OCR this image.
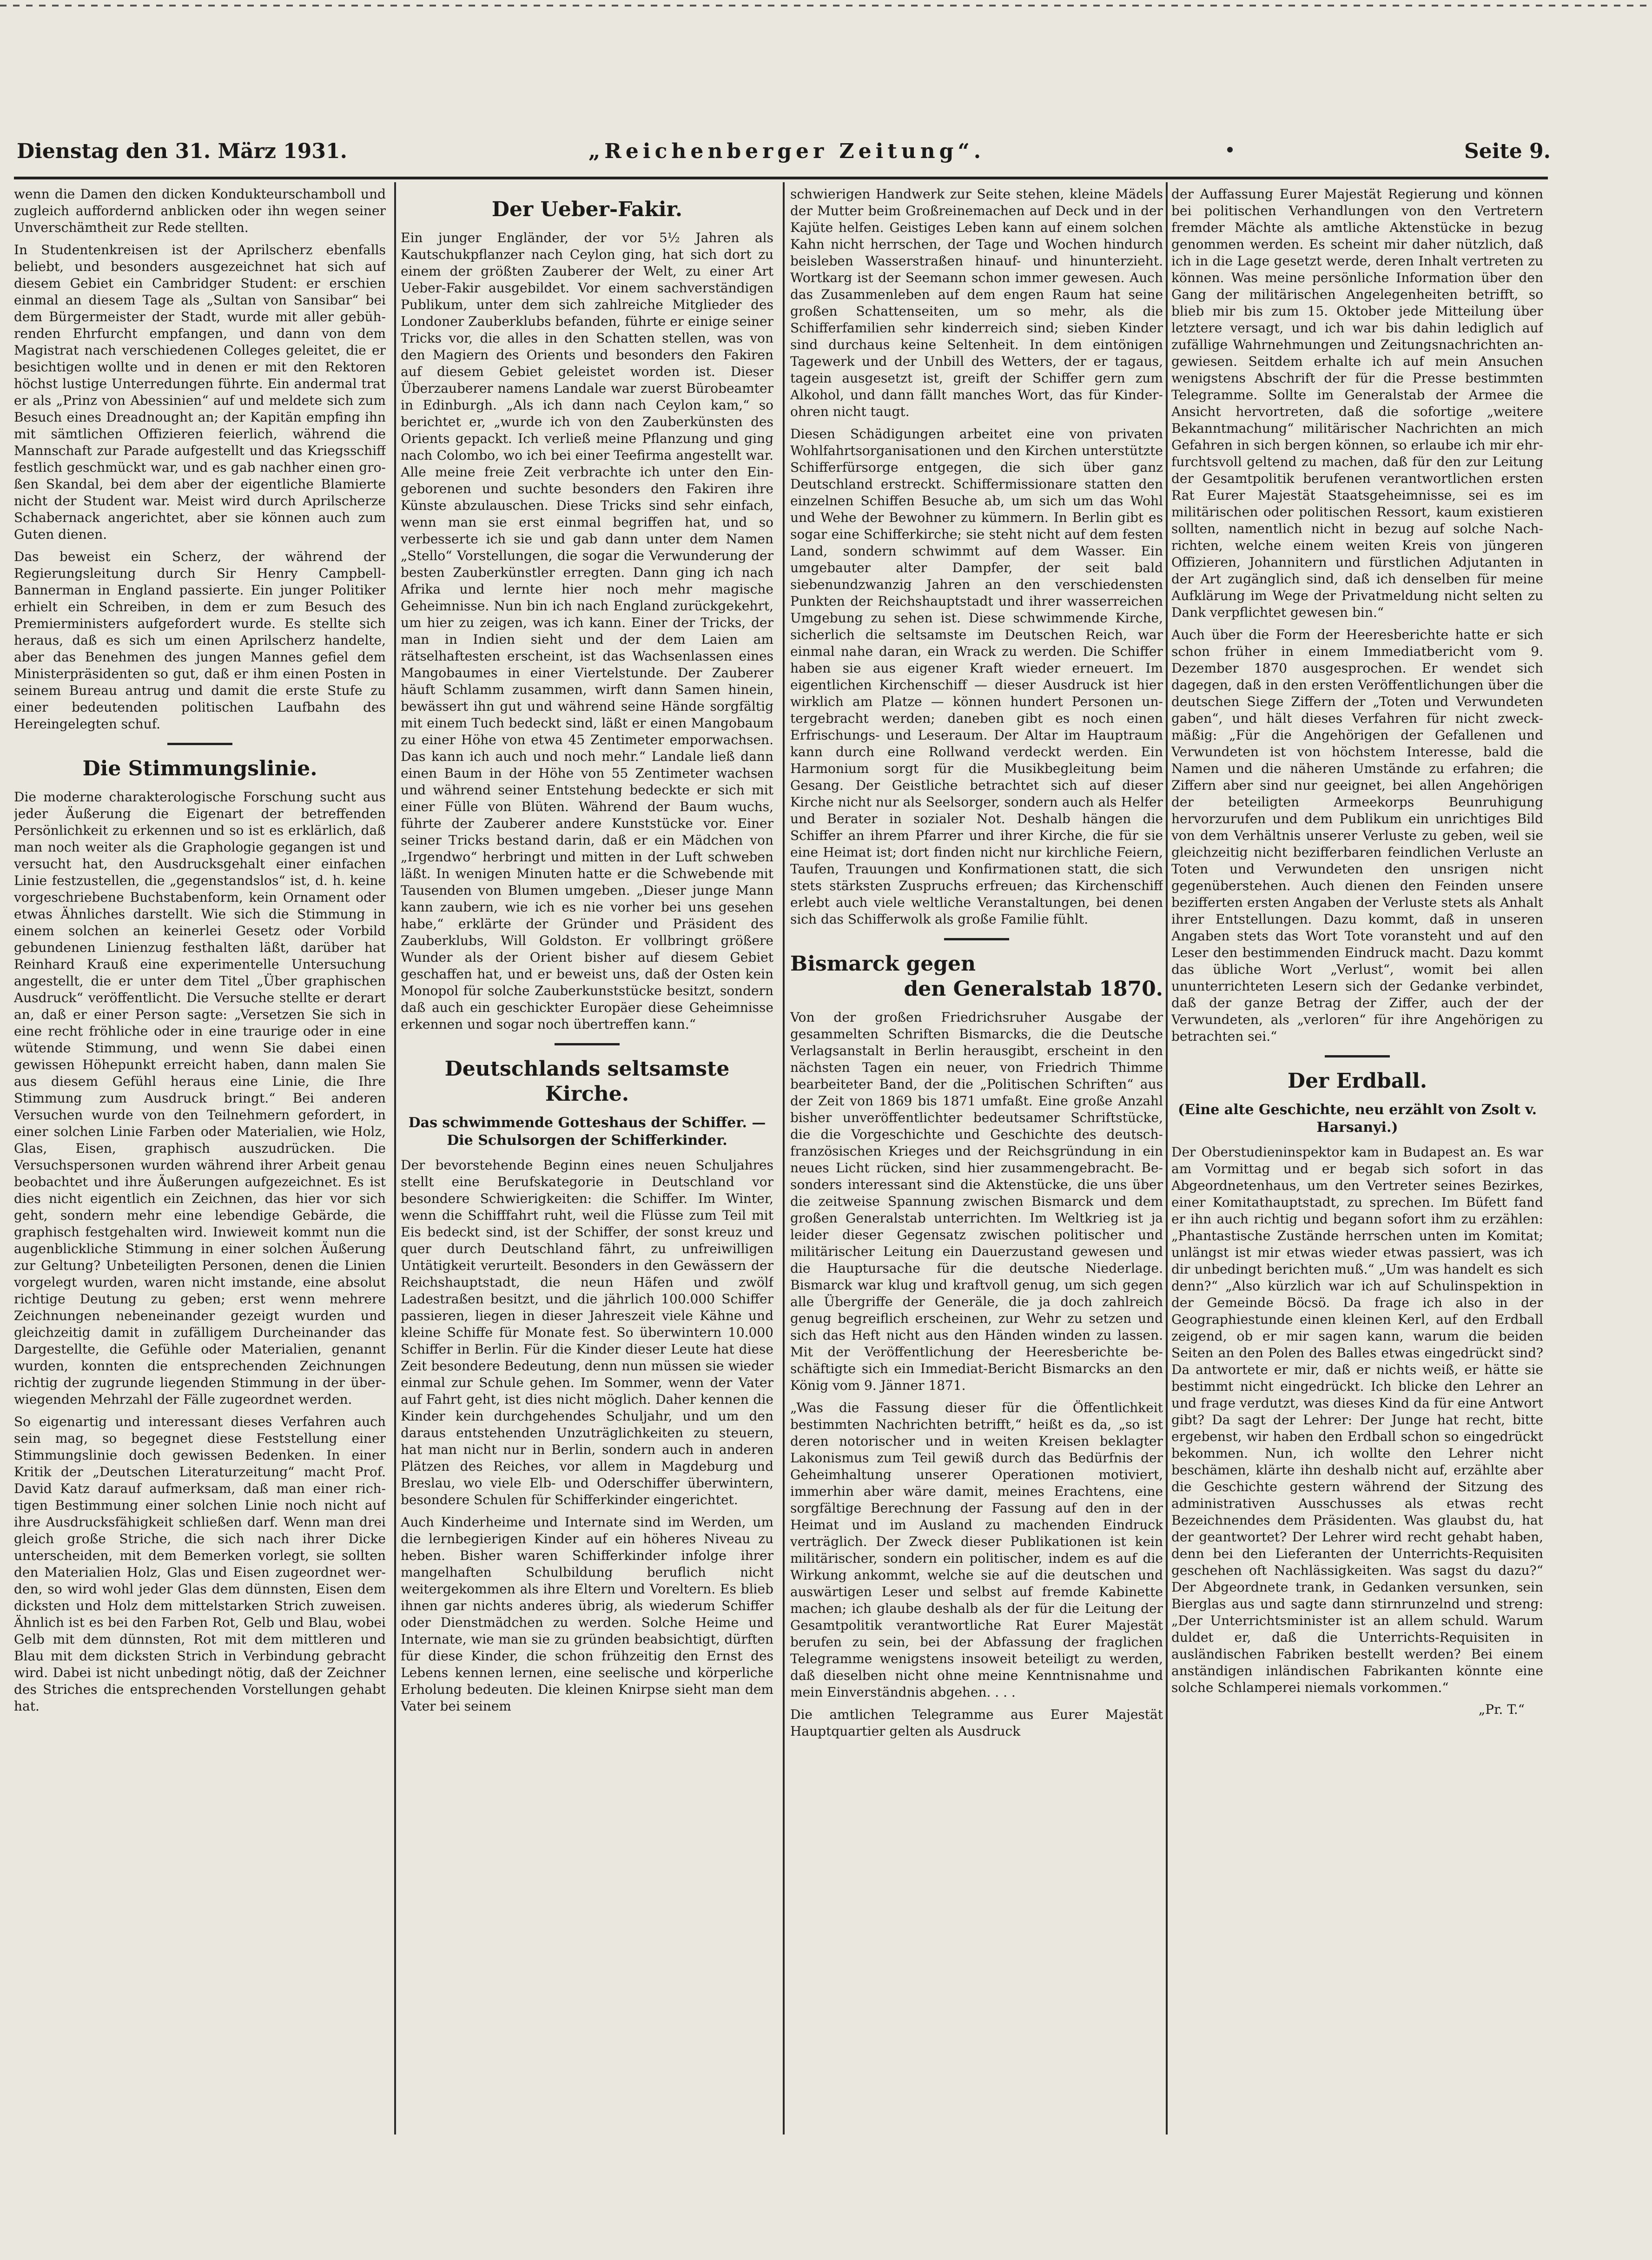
Dienstag den 31. März 1931.	„Reichenberger Zeitung“.	Seite 9.

wenn die Damen den dicken Kondukteurschamboll und zugleich auffordernd anblicken oder ihn wegen seiner Unverschämtheit zur Rede stellten.

In Studentenkreisen ist der Aprilscherz ebenfalls beliebt, und besonders ausgezeichnet hat sich auf diesem Gebiet ein Cambridger Student: er erschien einmal an diesem Tage als „Sultan von Sansibar“ bei dem Bürgermeister der Stadt, wurde mit aller gebührenden Ehrfurcht empfangen, und dann von dem Magistrat nach verschiedenen Colleges geleitet, die er besichtigen wollte und in denen er mit den Rektoren höchst lustige Unterredungen führte. Ein andermal trat er als „Prinz von Abessinien“ auf und meldete sich zum Besuch eines Dreadnought an; der Kapitän empfing ihn mit sämtlichen Offizieren feierlich, während die Mannschaft zur Parade aufgestellt und das Kriegsschiff festlich geschmückt war, und es gab nachher einen großen Skandal, bei dem aber der eigentliche Blamierte nicht der Student war. Meist wird durch Aprilscherze Schabernack angerichtet, aber sie können auch zum Guten dienen.

Das beweist ein Scherz, der während der Regierungsleitung durch Sir Henry Campbell-Bannerman in England passierte. Ein junger Politiker erhielt ein Schreiben, in dem er zum Besuch des Premierministers aufgefordert wurde. Es stellte sich heraus, daß es sich um einen Aprilscherz handelte, aber das Benehmen des jungen Mannes gefiel dem Ministerpräsidenten so gut, daß er ihm einen Posten in seinem Bureau antrug und damit die erste Stufe zu einer bedeutenden politischen Laufbahn des Hereingelegten schuf.

Die Stimmungslinie.

Die moderne charakterologische Forschung sucht aus jeder Äußerung die Eigenart der betreffenden Persönlichkeit zu erkennen und so ist es erklärlich, daß man noch weiter als die Graphologie gegangen ist und versucht hat, den Ausdrucksgehalt einer einfachen Linie festzustellen, die „gegenstandslos“ ist, d. h. keine vorgeschriebene Buchstabenform, kein Ornament oder etwas Ähnliches darstellt. Wie sich die Stimmung in einem solchen an keinerlei Gesetz oder Vorbild gebundenen Linienzug festhalten läßt, darüber hat Reinhard Krauß eine experimentelle Untersuchung angestellt, die er unter dem Titel „Über graphischen Ausdruck“ veröffentlicht. Die Versuche stellte er derart an, daß er einer Person sagte: „Versetzen Sie sich in eine recht fröhliche oder in eine traurige oder in eine wütende Stimmung, und wenn Sie dabei einen gewissen Höhepunkt erreicht haben, dann malen Sie aus diesem Gefühl heraus eine Linie, die Ihre Stimmung zum Ausdruck bringt.“ Bei anderen Versuchen wurde von den Teilnehmern gefordert, in einer solchen Linie Farben oder Materialien, wie Holz, Glas, Eisen, graphisch auszudrücken. Die Versuchspersonen wurden während ihrer Arbeit genau beobachtet und ihre Äußerungen aufgezeichnet. Es ist dies nicht eigentlich ein Zeichnen, das hier vor sich geht, sondern mehr eine lebendige Gebärde, die graphisch festgehalten wird. Inwieweit kommt nun die augenblickliche Stimmung in einer solchen Äußerung zur Geltung? Unbeteiligten Personen, denen die Linien vorgelegt wurden, waren nicht imstande, eine absolut richtige Deutung zu geben; erst wenn mehrere Zeichnungen nebeneinander gezeigt wurden und gleichzeitig damit in zufälligem Durcheinander das Dargestellte, die Gefühle oder Materialien, genannt wurden, konnten die entsprechenden Zeichnungen richtig der zugrunde liegenden Stimmung in der überwiegenden Mehrzahl der Fälle zugeordnet werden.

So eigenartig und interessant dieses Verfahren auch sein mag, so begegnet diese Feststellung einer Stimmungslinie doch gewissen Bedenken. In einer Kritik der „Deutschen Literaturzeitung“ macht Prof. David Katz darauf aufmerksam, daß man einer richtigen Bestimmung einer solchen Linie noch nicht auf ihre Ausdrucksfähigkeit schließen darf. Wenn man drei gleich große Striche, die sich nach ihrer Dicke unterscheiden, mit dem Bemerken vorlegt, sie sollten den Materialien Holz, Glas und Eisen zugeordnet werden, so wird wohl jeder Glas dem dünnsten, Eisen dem dicksten und Holz dem mittelstarken Strich zuweisen. Ähnlich ist es bei den Farben Rot, Gelb und Blau, wobei Gelb mit dem dünnsten, Rot mit dem mittleren und Blau mit dem dicksten Strich in Verbindung gebracht wird. Dabei ist nicht unbedingt nötig, daß der Zeichner des Striches die entsprechenden Vorstellungen gehabt hat.

Der Ueber-Fakir.

Ein junger Engländer, der vor 5½ Jahren als Kautschukpflanzer nach Ceylon ging, hat sich dort zu einem der größten Zauberer der Welt, zu einer Art Ueber-Fakir ausgebildet. Vor einem sachverständigen Publikum, unter dem sich zahlreiche Mitglieder des Londoner Zauberklubs befanden, führte er einige seiner Tricks vor, die alles in den Schatten stellen, was von den Magiern des Orients und besonders den Fakiren auf diesem Gebiet geleistet worden ist. Dieser Überzauberer namens Landale war zuerst Bürobeamter in Edinburgh. „Als ich dann nach Ceylon kam,“ so berichtet er, „wurde ich von den Zauberkünsten des Orients gepackt. Ich verließ meine Pflanzung und ging nach Colombo, wo ich bei einer Teefirma angestellt war. Alle meine freie Zeit verbrachte ich unter den Eingeborenen und suchte besonders den Fakiren ihre Künste abzulauschen. Diese Tricks sind sehr einfach, wenn man sie erst einmal begriffen hat, und so verbesserte ich sie und gab dann unter dem Namen „Stello“ Vorstellungen, die sogar die Verwunderung der besten Zauberkünstler erregten. Dann ging ich nach Afrika und lernte hier noch mehr magische Geheimnisse. Nun bin ich nach England zurückgekehrt, um hier zu zeigen, was ich kann. Einer der Tricks, der man in Indien sieht und der dem Laien am rätselhaftesten erscheint, ist das Wachsenlassen eines Mangobaumes in einer Viertelstunde. Der Zauberer häuft Schlamm zusammen, wirft dann Samen hinein, bewässert ihn gut und während seine Hände sorgfältig mit einem Tuch bedeckt sind, läßt er einen Mangobaum zu einer Höhe von etwa 45 Zentimeter emporwachsen. Das kann ich auch und noch mehr.“ Landale ließ dann einen Baum in der Höhe von 55 Zentimeter wachsen und während seiner Entstehung bedeckte er sich mit einer Fülle von Blüten. Während der Baum wuchs, führte der Zauberer andere Kunststücke vor. Einer seiner Tricks bestand darin, daß er ein Mädchen von „Irgendwo“ herbringt und mitten in der Luft schweben läßt. In wenigen Minuten hatte er die Schwebende mit Tausenden von Blumen umgeben. „Dieser junge Mann kann zaubern, wie ich es nie vorher bei uns gesehen habe,“ erklärte der Gründer und Präsident des Zauberklubs, Will Goldston. Er vollbringt größere Wunder als der Orient bisher auf diesem Gebiet geschaffen hat, und er beweist uns, daß der Osten kein Monopol für solche Zauberkunststücke besitzt, sondern daß auch ein geschickter Europäer diese Geheimnisse erkennen und sogar noch übertreffen kann.“

Deutschlands seltsamste Kirche.
Das schwimmende Gotteshaus der Schiffer. — Die Schulsorgen der Schifferkinder.

Der bevorstehende Beginn eines neuen Schuljahres stellt eine Berufskategorie in Deutschland vor besondere Schwierigkeiten: die Schiffer. Im Winter, wenn die Schifffahrt ruht, weil die Flüsse zum Teil mit Eis bedeckt sind, ist der Schiffer, der sonst kreuz und quer durch Deutschland fährt, zu unfreiwilligen Untätigkeit verurteilt. Besonders in den Gewässern der Reichshauptstadt, die neun Häfen und zwölf Ladestraßen besitzt, und die jährlich 100.000 Schiffer passieren, liegen in dieser Jahreszeit viele Kähne und kleine Schiffe für Monate fest. So überwintern 10.000 Schiffer in Berlin. Für die Kinder dieser Leute hat diese Zeit besondere Bedeutung, denn nun müssen sie wieder einmal zur Schule gehen. Im Sommer, wenn der Vater auf Fahrt geht, ist dies nicht möglich. Daher kennen die Kinder kein durchgehendes Schuljahr, und um den daraus entstehenden Unzuträglichkeiten zu steuern, hat man nicht nur in Berlin, sondern auch in anderen Plätzen des Reiches, vor allem in Magdeburg und Breslau, wo viele Elb- und Oderschiffer überwintern, besondere Schulen für Schifferkinder eingerichtet.

Auch Kinderheime und Internate sind im Werden, um die lernbegierigen Kinder auf ein höheres Niveau zu heben. Bisher waren Schifferkinder infolge ihrer mangelhaften Schulbildung beruflich nicht weitergekommen als ihre Eltern und Voreltern. Es blieb ihnen gar nichts anderes übrig, als wiederum Schiffer oder Dienstmädchen zu werden. Solche Heime und Internate, wie man sie zu gründen beabsichtigt, dürften für diese Kinder, die schon frühzeitig den Ernst des Lebens kennen lernen, eine seelische und körperliche Erholung bedeuten. Die kleinen Knirpse sieht man dem Vater bei seinem

schwierigen Handwerk zur Seite stehen, kleine Mädels der Mutter beim Großreinemachen auf Deck und in der Kajüte helfen. Geistiges Leben kann auf einem solchen Kahn nicht herrschen, der Tage und Wochen hindurch beisleben Wasserstraßen hinauf- und hinunterzieht. Wortkarg ist der Seemann schon immer gewesen. Auch das Zusammenleben auf dem engen Raum hat seine großen Schattenseiten, um so mehr, als die Schifferfamilien sehr kinderreich sind; sieben Kinder sind durchaus keine Seltenheit. In dem eintönigen Tagewerk und der Unbill des Wetters, der er tagaus, tagein ausgesetzt ist, greift der Schiffer gern zum Alkohol, und dann fällt manches Wort, das für Kinderohren nicht taugt.

Diesen Schädigungen arbeitet eine von privaten Wohlfahrtsorganisationen und den Kirchen unterstützte Schifferfürsorge entgegen, die sich über ganz Deutschland erstreckt. Schiffermissionare statten den einzelnen Schiffen Besuche ab, um sich um das Wohl und Wehe der Bewohner zu kümmern. In Berlin gibt es sogar eine Schifferkirche; sie steht nicht auf dem festen Land, sondern schwimmt auf dem Wasser. Ein umgebauter alter Dampfer, der seit bald siebenundzwanzig Jahren an den verschiedensten Punkten der Reichshauptstadt und ihrer wasserreichen Umgebung zu sehen ist. Diese schwimmende Kirche, sicherlich die seltsamste im Deutschen Reich, war einmal nahe daran, ein Wrack zu werden. Die Schiffer haben sie aus eigener Kraft wieder erneuert. Im eigentlichen Kirchenschiff — dieser Ausdruck ist hier wirklich am Platze — können hundert Personen untergebracht werden; daneben gibt es noch einen Erfrischungs- und Leseraum. Der Altar im Hauptraum kann durch eine Rollwand verdeckt werden. Ein Harmonium sorgt für die Musikbegleitung beim Gesang. Der Geistliche betrachtet sich auf dieser Kirche nicht nur als Seelsorger, sondern auch als Helfer und Berater in sozialer Not. Deshalb hängen die Schiffer an ihrem Pfarrer und ihrer Kirche, die für sie eine Heimat ist; dort finden nicht nur kirchliche Feiern, Taufen, Trauungen und Konfirmationen statt, die sich stets stärksten Zuspruchs erfreuen; das Kirchenschiff erlebt auch viele weltliche Veranstaltungen, bei denen sich das Schifferwolk als große Familie fühlt.

Bismarck gegen
den Generalstab 1870.

Von der großen Friedrichsruher Ausgabe der gesammelten Schriften Bismarcks, die die Deutsche Verlagsanstalt in Berlin herausgibt, erscheint in den nächsten Tagen ein neuer, von Friedrich Thimme bearbeiteter Band, der die „Politischen Schriften“ aus der Zeit von 1869 bis 1871 umfaßt. Eine große Anzahl bisher unveröffentlichter bedeutsamer Schriftstücke, die die Vorgeschichte und Geschichte des deutsch-französischen Krieges und der Reichsgründung in ein neues Licht rücken, sind hier zusammengebracht. Besonders interessant sind die Aktenstücke, die uns über die zeitweise Spannung zwischen Bismarck und dem großen Generalstab unterrichten. Im Weltkrieg ist ja leider dieser Gegensatz zwischen politischer und militärischer Leitung ein Dauerzustand gewesen und die Hauptursache für die deutsche Niederlage. Bismarck war klug und kraftvoll genug, um sich gegen alle Übergriffe der Generäle, die ja doch zahlreich genug begreiflich erscheinen, zur Wehr zu setzen und sich das Heft nicht aus den Händen winden zu lassen. Mit der Veröffentlichung der Heeresberichte beschäftigte sich ein Immediat-Bericht Bismarcks an den König vom 9. Jänner 1871.

„Was die Fassung dieser für die Öffentlichkeit bestimmten Nachrichten betrifft,“ heißt es da, „so ist deren notorischer und in weiten Kreisen beklagter Lakonismus zum Teil gewiß durch das Bedürfnis der Geheimhaltung unserer Operationen motiviert, immerhin aber wäre damit, meines Erachtens, eine sorgfältige Berechnung der Fassung auf den in der Heimat und im Ausland zu machenden Eindruck verträglich. Der Zweck dieser Publikationen ist kein militärischer, sondern ein politischer, indem es auf die Wirkung ankommt, welche sie auf die deutschen und auswärtigen Leser und selbst auf fremde Kabinette machen; ich glaube deshalb als der für die Leitung der Gesamtpolitik verantwortliche Rat Eurer Majestät berufen zu sein, bei der Abfassung der fraglichen Telegramme wenigstens insoweit beteiligt zu werden, daß dieselben nicht ohne meine Kenntnisnahme und mein Einverständnis abgehen. . . .

Die amtlichen Telegramme aus Eurer Majestät Hauptquartier gelten als Ausdruck

der Auffassung Eurer Majestät Regierung und können bei politischen Verhandlungen von den Vertretern fremder Mächte als amtliche Aktenstücke in bezug genommen werden. Es scheint mir daher nützlich, daß ich in die Lage gesetzt werde, deren Inhalt vertreten zu können. Was meine persönliche Information über den Gang der militärischen Angelegenheiten betrifft, so blieb mir bis zum 15. Oktober jede Mitteilung über letztere versagt, und ich war bis dahin lediglich auf zufällige Wahrnehmungen und Zeitungsnachrichten angewiesen. Seitdem erhalte ich auf mein Ansuchen wenigstens Abschrift der für die Presse bestimmten Telegramme. Sollte im Generalstab der Armee die Ansicht hervortreten, daß die sofortige „weitere Bekanntmachung“ militärischer Nachrichten an mich Gefahren in sich bergen können, so erlaube ich mir ehrfurchtsvoll geltend zu machen, daß für den zur Leitung der Gesamtpolitik berufenen verantwortlichen ersten Rat Eurer Majestät Staatsgeheimnisse, sei es im militärischen oder politischen Ressort, kaum existieren sollten, namentlich nicht in bezug auf solche Nachrichten, welche einem weiten Kreis von jüngeren Offizieren, Johannitern und fürstlichen Adjutanten in der Art zugänglich sind, daß ich denselben für meine Aufklärung im Wege der Privatmeldung nicht selten zu Dank verpflichtet gewesen bin.“

Auch über die Form der Heeresberichte hatte er sich schon früher in einem Immediatbericht vom 9. Dezember 1870 ausgesprochen. Er wendet sich dagegen, daß in den ersten Veröffentlichungen über die deutschen Siege Ziffern der „Toten und Verwundeten gaben“, und hält dieses Verfahren für nicht zweckmäßig: „Für die Angehörigen der Gefallenen und Verwundeten ist von höchstem Interesse, bald die Namen und die näheren Umstände zu erfahren; die Ziffern aber sind nur geeignet, bei allen Angehörigen der beteiligten Armeekorps Beunruhigung hervorzurufen und dem Publikum ein unrichtiges Bild von dem Verhältnis unserer Verluste zu geben, weil sie gleichzeitig nicht bezifferbaren feindlichen Verluste an Toten und Verwundeten den unsrigen nicht gegenüberstehen. Auch dienen den Feinden unsere bezifferten ersten Angaben der Verluste stets als Anhalt ihrer Entstellungen. Dazu kommt, daß in unseren Angaben stets das Wort Tote voransteht und auf den Leser den bestimmenden Eindruck macht. Dazu kommt das übliche Wort „Verlust“, womit bei allen ununterrichteten Lesern sich der Gedanke verbindet, daß der ganze Betrag der Ziffer, auch der der Verwundeten, als „verloren“ für ihre Angehörigen zu betrachten sei.“

Der Erdball.
(Eine alte Geschichte, neu erzählt von Zsolt v. Harsanyi.)

Der Oberstudieninspektor kam in Budapest an. Es war am Vormittag und er begab sich sofort in das Abgeordnetenhaus, um den Vertreter seines Bezirkes, einer Komitathauptstadt, zu sprechen. Im Büfett fand er ihn auch richtig und begann sofort ihm zu erzählen: „Phantastische Zustände herrschen unten im Komitat; unlängst ist mir etwas wieder etwas passiert, was ich dir unbedingt berichten muß.“ „Um was handelt es sich denn?“ „Also kürzlich war ich auf Schulinspektion in der Gemeinde Böcsö. Da frage ich also in der Geographiestunde einen kleinen Kerl, auf den Erdball zeigend, ob er mir sagen kann, warum die beiden Seiten an den Polen des Balles etwas eingedrückt sind? Da antwortete er mir, daß er nichts weiß, er hätte sie bestimmt nicht eingedrückt. Ich blicke den Lehrer an und frage verdutzt, was dieses Kind da für eine Antwort gibt? Da sagt der Lehrer: Der Junge hat recht, bitte ergebenst, wir haben den Erdball schon so eingedrückt bekommen. Nun, ich wollte den Lehrer nicht beschämen, klärte ihn deshalb nicht auf, erzählte aber die Geschichte gestern während der Sitzung des administrativen Ausschusses als etwas recht Bezeichnendes dem Präsidenten. Was glaubst du, hat der geantwortet? Der Lehrer wird recht gehabt haben, denn bei den Lieferanten der Unterrichts-Requisiten geschehen oft Nachlässigkeiten. Was sagst du dazu?“ Der Abgeordnete trank, in Gedanken versunken, sein Bierglas aus und sagte dann stirnrunzelnd und streng: „Der Unterrichtsminister ist an allem schuld. Warum duldet er, daß die Unterrichts-Requisiten in ausländischen Fabriken bestellt werden? Bei einem anständigen inländischen Fabrikanten könnte eine solche Schlamperei niemals vorkommen.“

„Pr. T.“
